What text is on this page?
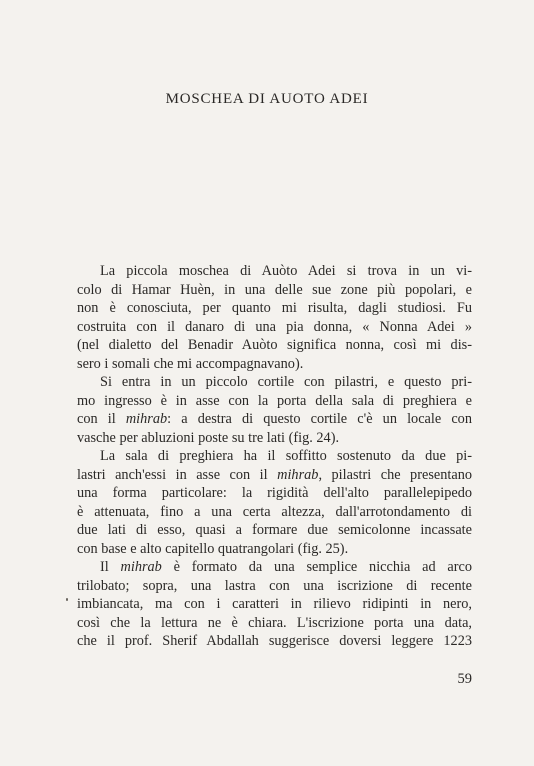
MOSCHEA DI AUOTO ADEI
La piccola moschea di Auòto Adei si trova in un vi-
colo di Hamar Huèn, in una delle sue zone più popolari, e
non è conosciuta, per quanto mi risulta, dagli studiosi. Fu
costruita con il danaro di una pia donna, « Nonna Adei »
(nel dialetto del Benadir Auòto significa nonna, così mi dis-
sero i somali che mi accompagnavano).
Si entra in un piccolo cortile con pilastri, e questo pri-
mo ingresso è in asse con la porta della sala di preghiera e
con il mihrab: a destra di questo cortile c'è un locale con
vasche per abluzioni poste su tre lati (fig. 24).
La sala di preghiera ha il soffitto sostenuto da due pi-
lastri anch'essi in asse con il mihrab, pilastri che presentano
una forma particolare: la rigidità dell'alto parallelepipedo
è attenuata, fino a una certa altezza, dall'arrotondamento di
due lati di esso, quasi a formare due semicolonne incassate
con base e alto capitello quatrangolari (fig. 25).
Il mihrab è formato da una semplice nicchia ad arco
trilobato; sopra, una lastra con una iscrizione di recente
imbiancata, ma con i caratteri in rilievo ridipinti in nero,
così che la lettura ne è chiara. L'iscrizione porta una data,
che il prof. Sherif Abdallah suggerisce doversi leggere 1223
59
